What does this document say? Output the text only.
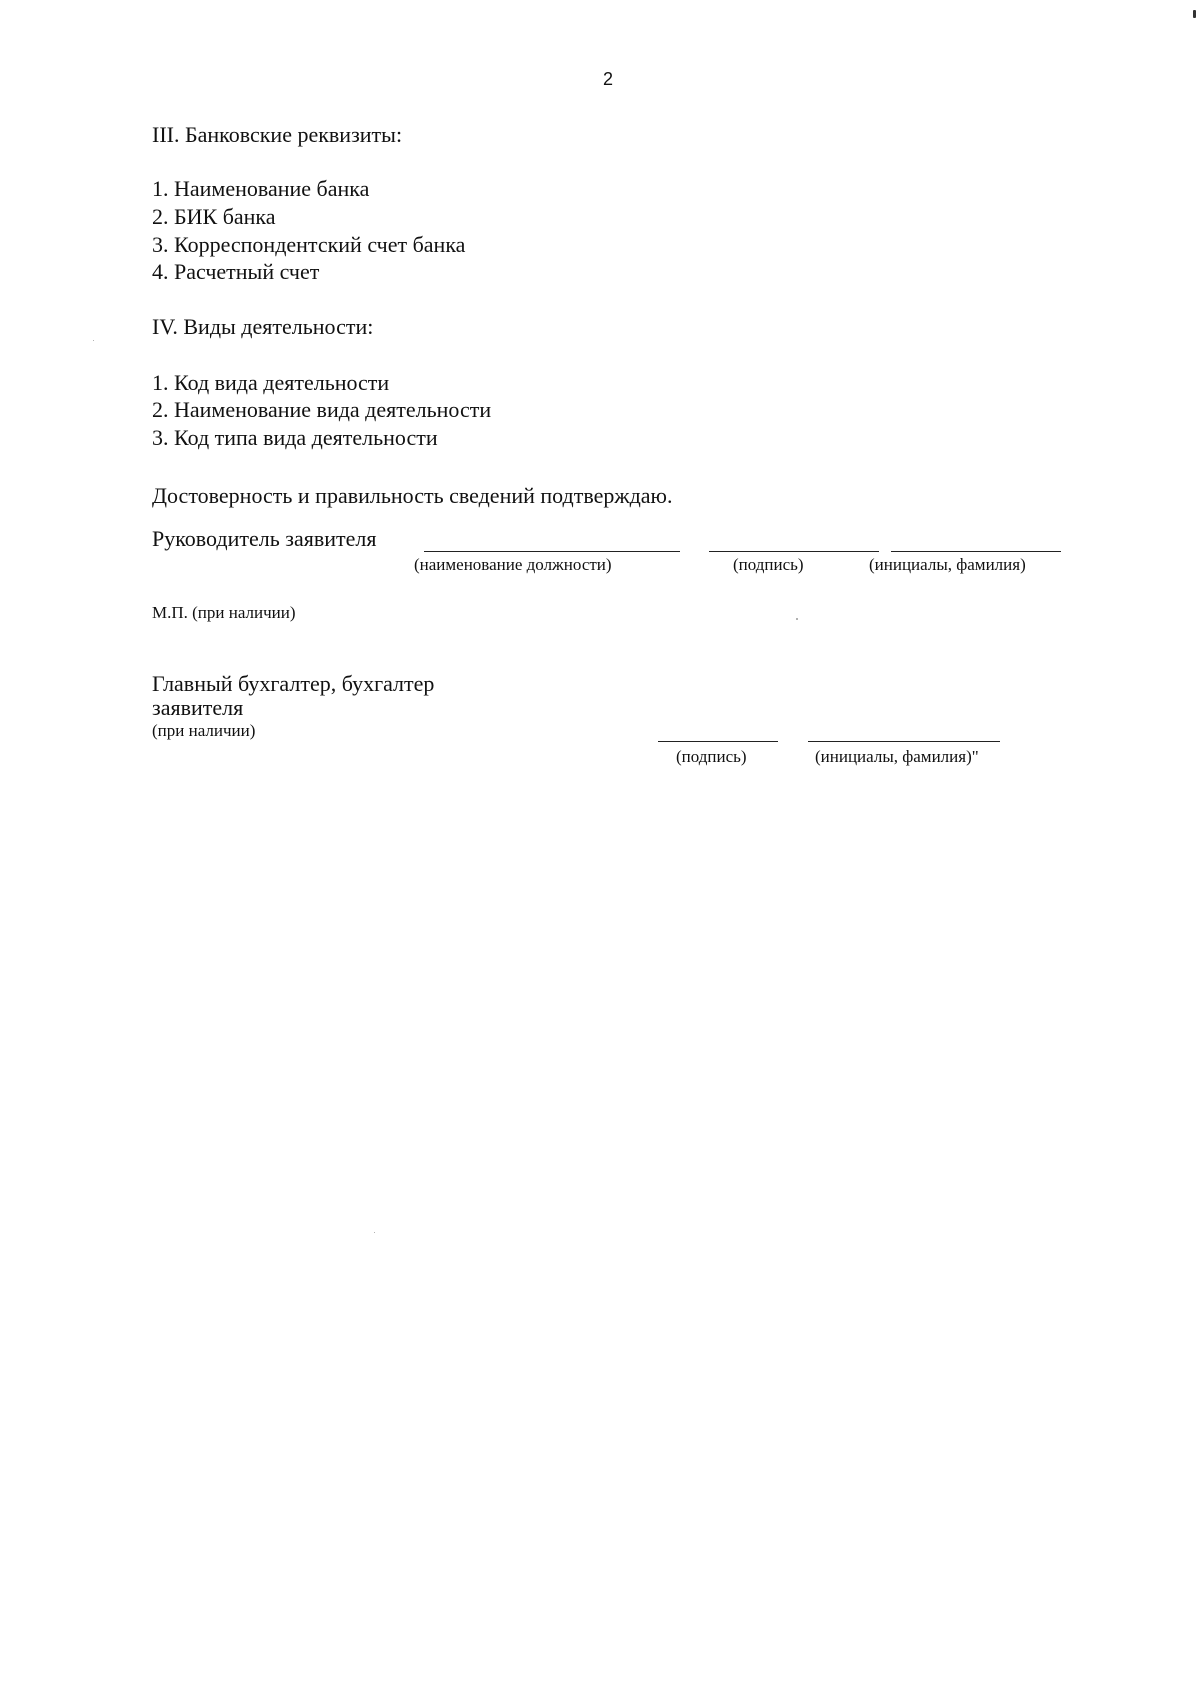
2
III. Банковские реквизиты:
1. Наименование банка
2. БИК банка
3. Корреспондентский счет банка
4. Расчетный счет
IV. Виды деятельности:
1. Код вида деятельности
2. Наименование вида деятельности
3. Код типа вида деятельности
Достоверность и правильность сведений подтверждаю.
Руководитель заявителя
(наименование должности)	(подпись)	(инициалы, фамилия)
М.П. (при наличии)
Главный бухгалтер, бухгалтер
заявителя
(при наличии)
(подпись)	(инициалы, фамилия)"
